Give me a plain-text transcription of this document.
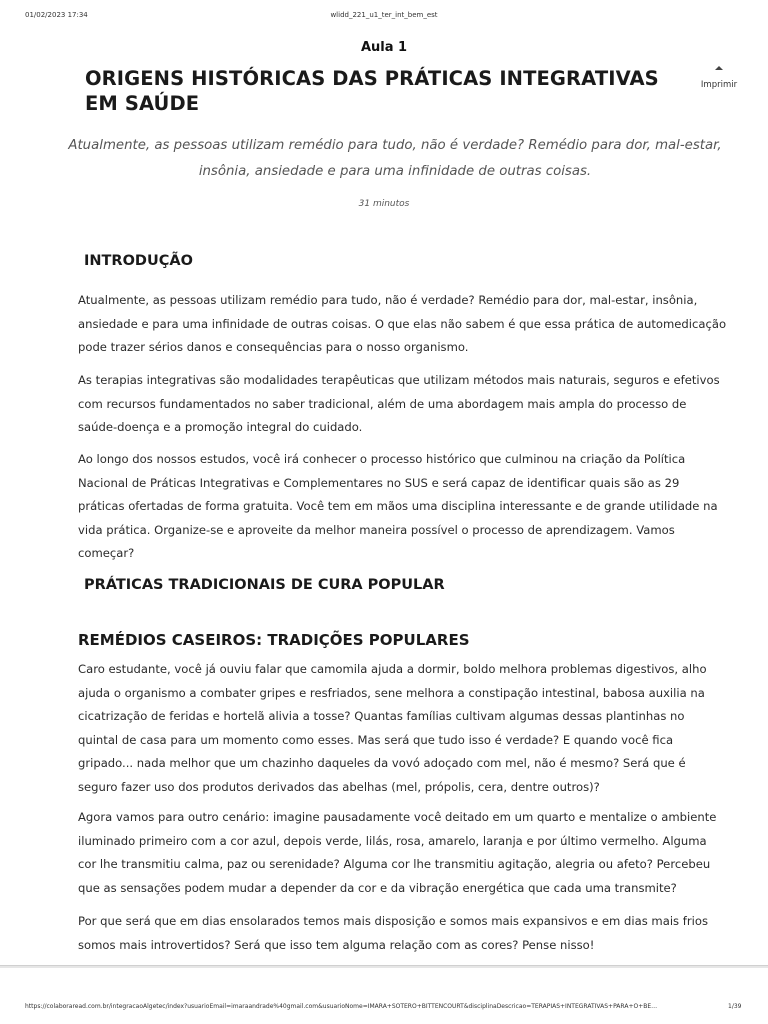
01/02/2023 17:34	wlidd_221_u1_ter_int_bem_est
Aula 1
ORIGENS HISTÓRICAS DAS PRÁTICAS INTEGRATIVAS EM SAÚDE
Imprimir

Atualmente, as pessoas utilizam remédio para tudo, não é verdade? Remédio para dor, mal-estar, insônia, ansiedade e para uma infinidade de outras coisas.

31 minutos

INTRODUÇÃO

Atualmente, as pessoas utilizam remédio para tudo, não é verdade? Remédio para dor, mal-estar, insônia, ansiedade e para uma infinidade de outras coisas. O que elas não sabem é que essa prática de automedicação pode trazer sérios danos e consequências para o nosso organismo.

As terapias integrativas são modalidades terapêuticas que utilizam métodos mais naturais, seguros e efetivos com recursos fundamentados no saber tradicional, além de uma abordagem mais ampla do processo de saúde-doença e a promoção integral do cuidado.

Ao longo dos nossos estudos, você irá conhecer o processo histórico que culminou na criação da Política Nacional de Práticas Integrativas e Complementares no SUS e será capaz de identificar quais são as 29 práticas ofertadas de forma gratuita. Você tem em mãos uma disciplina interessante e de grande utilidade na vida prática. Organize-se e aproveite da melhor maneira possível o processo de aprendizagem. Vamos começar?

PRÁTICAS TRADICIONAIS DE CURA POPULAR
REMÉDIOS CASEIROS: TRADIÇÕES POPULARES

Caro estudante, você já ouviu falar que camomila ajuda a dormir, boldo melhora problemas digestivos, alho ajuda o organismo a combater gripes e resfriados, sene melhora a constipação intestinal, babosa auxilia na cicatrização de feridas e hortelã alivia a tosse? Quantas famílias cultivam algumas dessas plantinhas no quintal de casa para um momento como esses. Mas será que tudo isso é verdade? E quando você fica gripado... nada melhor que um chazinho daqueles da vovó adoçado com mel, não é mesmo? Será que é seguro fazer uso dos produtos derivados das abelhas (mel, própolis, cera, dentre outros)?

Agora vamos para outro cenário: imagine pausadamente você deitado em um quarto e mentalize o ambiente iluminado primeiro com a cor azul, depois verde, lilás, rosa, amarelo, laranja e por último vermelho. Alguma cor lhe transmitiu calma, paz ou serenidade? Alguma cor lhe transmitiu agitação, alegria ou afeto? Percebeu que as sensações podem mudar a depender da cor e da vibração energética que cada uma transmite?

Por que será que em dias ensolarados temos mais disposição e somos mais expansivos e em dias mais frios somos mais introvertidos? Será que isso tem alguma relação com as cores? Pense nisso!

https://colaboraread.com.br/integracaoAlgetec/index?usuarioEmail=imaraandrade%40gmail.com&usuarioNome=IMARA+SOTERO+BITTENCOURT&disciplinaDescricao=TERAPIAS+INTEGRATIVAS+PARA+O+BE…	1/39
